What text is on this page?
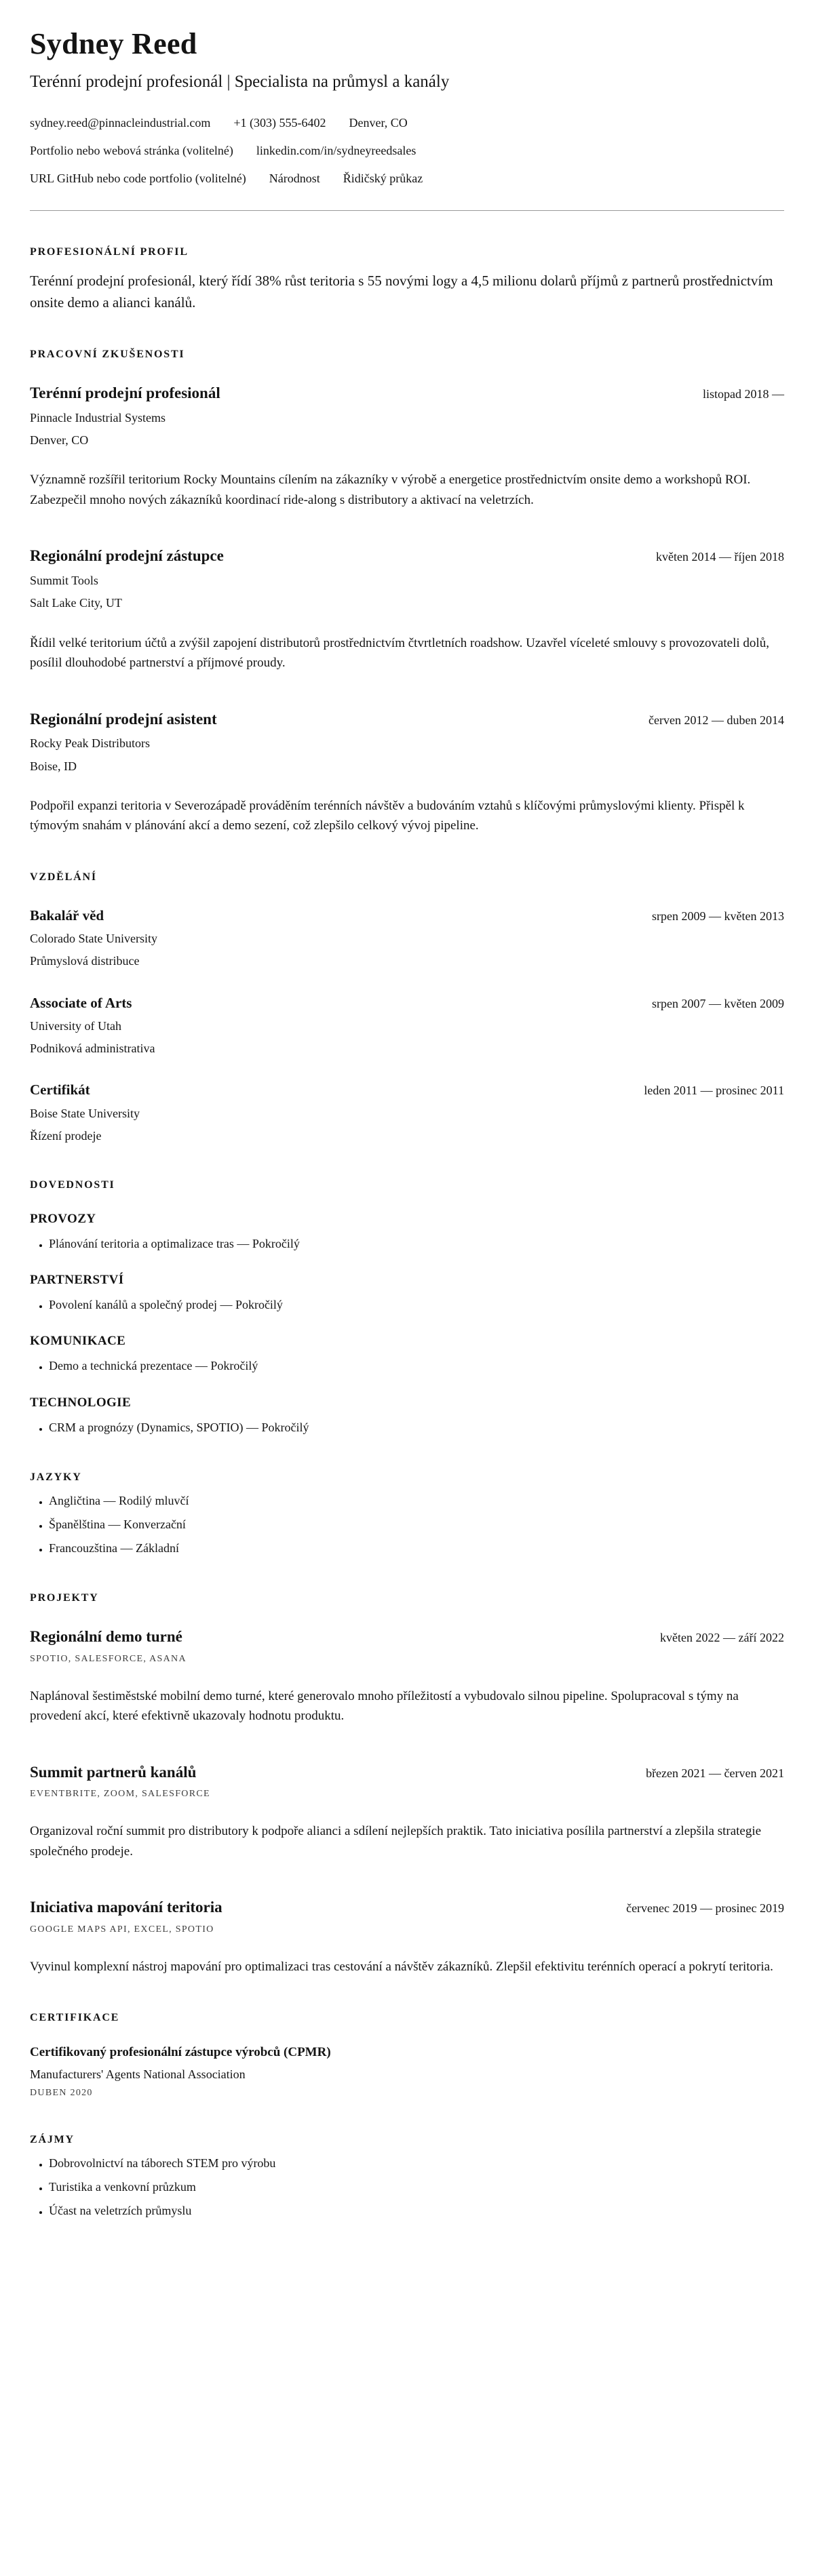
Sydney Reed

Terénní prodejní profesionál | Specialista na průmysl a kanály

sydney.reed@pinnacleindustrial.com +1 (303) 555-6402 Denver, CO
Portfolio nebo webová stránka (volitelné) linkedin.com/in/sydneyreedsales
URL GitHub nebo code portfolio (volitelné) Národnost Řidičský průkaz
PROFESIONÁLNÍ PROFIL

Terénní prodejní profesionál, který řídí 38% růst teritoria s 55 novými logy a 4,5 milionu dolarů příjmů z partnerů prostřednictvím onsite demo a alianci kanálů.

PRACOVNÍ ZKUŠENOSTI
Terénní prodejní profesionál	listopad 2018 —

Pinnacle Industrial Systems

Denver, CO

Významně rozšířil teritorium Rocky Mountains cílením na zákazníky v výrobě a energetice prostřednictvím onsite demo a workshopů ROI. Zabezpečil mnoho nových zákazníků koordinací ride-along s distributory a aktivací na veletrzích.

Regionální prodejní zástupce	květen 2014 — říjen 2018

Summit Tools

Salt Lake City, UT

Řídil velké teritorium účtů a zvýšil zapojení distributorů prostřednictvím čtvrtletních roadshow. Uzavřel víceleté smlouvy s provozovateli dolů, posílil dlouhodobé partnerství a příjmové proudy.

Regionální prodejní asistent	červen 2012 — duben 2014

Rocky Peak Distributors

Boise, ID

Podpořil expanzi teritoria v Severozápadě prováděním terénních návštěv a budováním vztahů s klíčovými průmyslovými klienty. Přispěl k týmovým snahám v plánování akcí a demo sezení, což zlepšilo celkový vývoj pipeline.

VZDĚLÁNÍ
Bakalář věd	srpen 2009 — květen 2013

Colorado State University

Průmyslová distribuce

Associate of Arts	srpen 2007 — květen 2009

University of Utah

Podniková administrativa

Certifikát	leden 2011 — prosinec 2011

Boise State University

Řízení prodeje

DOVEDNOSTI
PROVOZY
• Plánování teritoria a optimalizace tras — Pokročilý
PARTNERSTVÍ
• Povolení kanálů a společný prodej — Pokročilý
KOMUNIKACE
• Demo a technická prezentace — Pokročilý
TECHNOLOGIE
• CRM a prognózy (Dynamics, SPOTIO) — Pokročilý
JAZYKY
• Angličtina — Rodilý mluvčí
• Španělština — Konverzační
• Francouzština — Základní
PROJEKTY
Regionální demo turné	květen 2022 — září 2022

SPOTIO, SALESFORCE, ASANA

Naplánoval šestiměstské mobilní demo turné, které generovalo mnoho příležitostí a vybudovalo silnou pipeline. Spolupracoval s týmy na provedení akcí, které efektivně ukazovaly hodnotu produktu.

Summit partnerů kanálů	březen 2021 — červen 2021

EVENTBRITE, ZOOM, SALESFORCE

Organizoval roční summit pro distributory k podpoře alianci a sdílení nejlepších praktik. Tato iniciativa posílila partnerství a zlepšila strategie společného prodeje.

Iniciativa mapování teritoria	červenec 2019 — prosinec 2019

GOOGLE MAPS API, EXCEL, SPOTIO

Vyvinul komplexní nástroj mapování pro optimalizaci tras cestování a návštěv zákazníků. Zlepšil efektivitu terénních operací a pokrytí teritoria.

CERTIFIKACE
Certifikovaný profesionální zástupce výrobců (CPMR)

Manufacturers' Agents National Association

DUBEN 2020

ZÁJMY
• Dobrovolnictví na táborech STEM pro výrobu
• Turistika a venkovní průzkum
• Účast na veletrzích průmyslu
